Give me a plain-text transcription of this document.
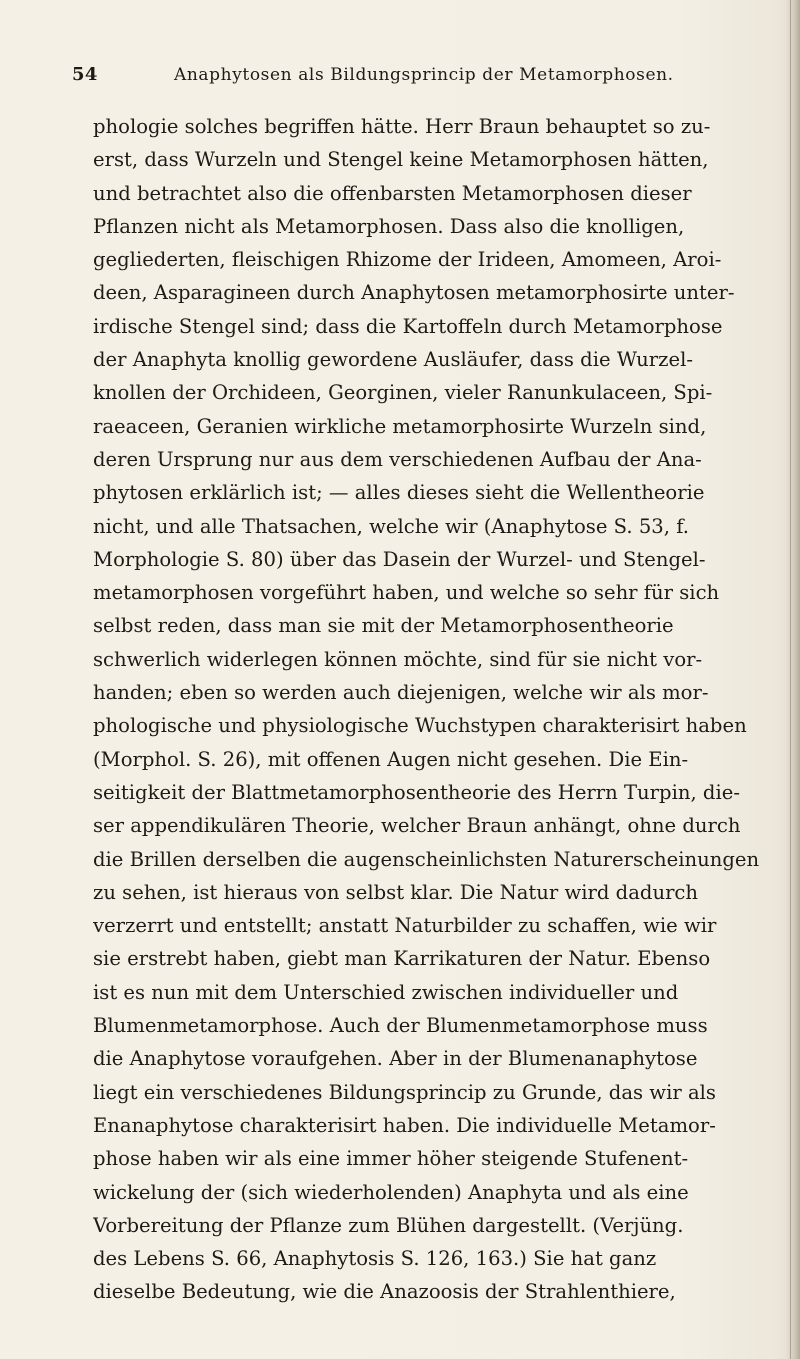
54	Anaphytosen als Bildungsprincip der Metamorphosen.
phologie solches begriffen hätte. Herr Braun behauptet so zu-
erst, dass Wurzeln und Stengel keine Metamorphosen hätten,
und betrachtet also die offenbarsten Metamorphosen dieser
Pflanzen nicht als Metamorphosen. Dass also die knolligen,
gegliederten, fleischigen Rhizome der Irideen, Amomeen, Aroi-
deen, Asparagineen durch Anaphytosen metamorphosirte unter-
irdische Stengel sind; dass die Kartoffeln durch Metamorphose
der Anaphyta knollig gewordene Ausläufer, dass die Wurzel-
knollen der Orchideen, Georginen, vieler Ranunkulaceen, Spi-
raeaceen, Geranien wirkliche metamorphosirte Wurzeln sind,
deren Ursprung nur aus dem verschiedenen Aufbau der Ana-
phytosen erklärlich ist; — alles dieses sieht die Wellentheorie
nicht, und alle Thatsachen, welche wir (Anaphytose S. 53, f.
Morphologie S. 80) über das Dasein der Wurzel- und Stengel-
metamorphosen vorgeführt haben, und welche so sehr für sich
selbst reden, dass man sie mit der Metamorphosentheorie
schwerlich widerlegen können möchte, sind für sie nicht vor-
handen; eben so werden auch diejenigen, welche wir als mor-
phologische und physiologische Wuchstypen charakterisirt haben
(Morphol. S. 26), mit offenen Augen nicht gesehen. Die Ein-
seitigkeit der Blattmetamorphosentheorie des Herrn Turpin, die-
ser appendikulären Theorie, welcher Braun anhängt, ohne durch
die Brillen derselben die augenscheinlichsten Naturerscheinungen
zu sehen, ist hieraus von selbst klar. Die Natur wird dadurch
verzerrt und entstellt; anstatt Naturbilder zu schaffen, wie wir
sie erstrebt haben, giebt man Karrikaturen der Natur. Ebenso
ist es nun mit dem Unterschied zwischen individueller und
Blumenmetamorphose. Auch der Blumenmetamorphose muss
die Anaphytose voraufgehen. Aber in der Blumenanaphytose
liegt ein verschiedenes Bildungsprincip zu Grunde, das wir als
Enanaphytose charakterisirt haben. Die individuelle Metamor-
phose haben wir als eine immer höher steigende Stufenent-
wickelung der (sich wiederholenden) Anaphyta und als eine
Vorbereitung der Pflanze zum Blühen dargestellt. (Verjüng.
des Lebens S. 66, Anaphytosis S. 126, 163.) Sie hat ganz
dieselbe Bedeutung, wie die Anazoosis der Strahlenthiere,
